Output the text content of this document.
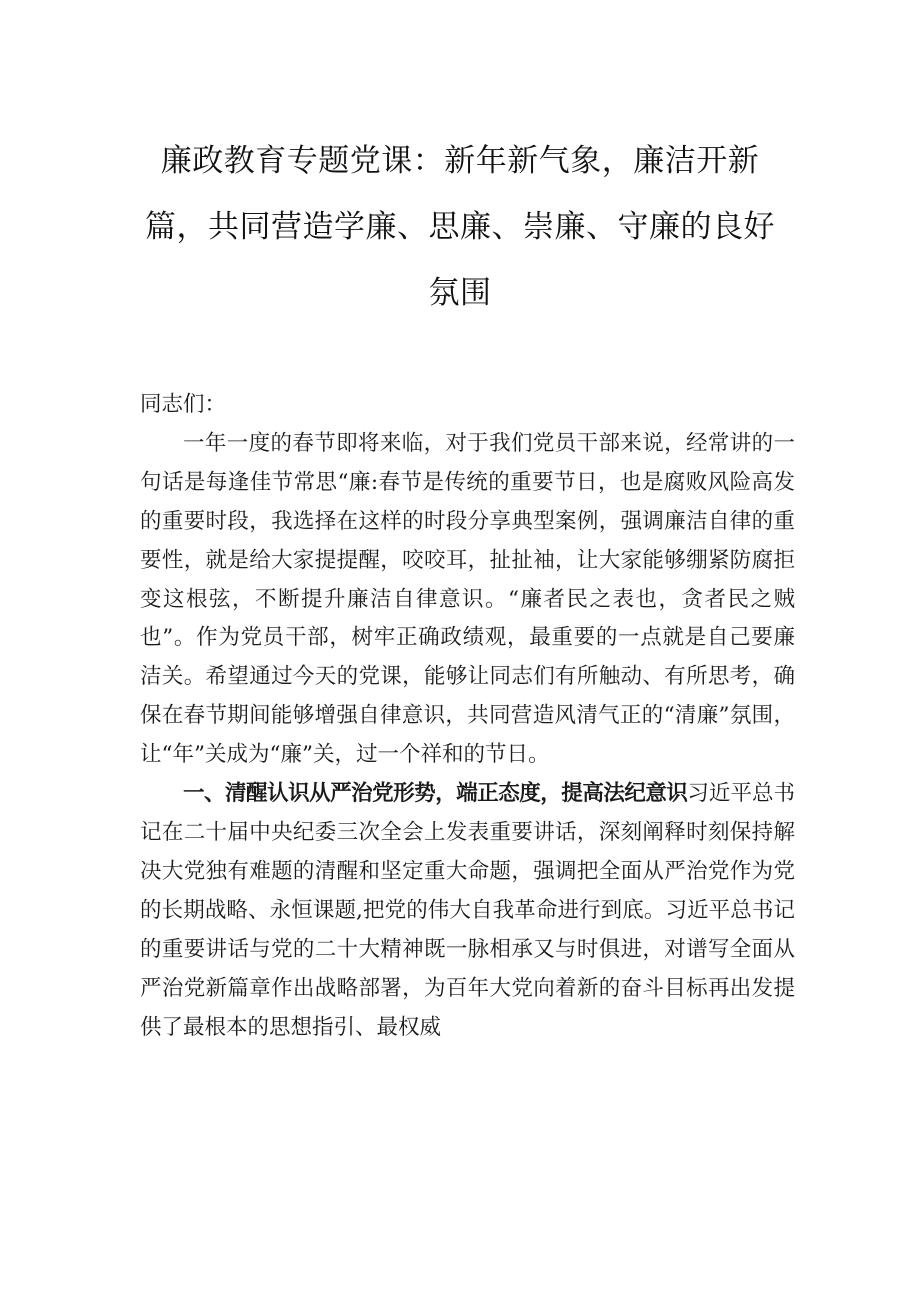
廉政教育专题党课：新年新气象，廉洁开新篇，共同营造学廉、思廉、崇廉、守廉的良好氛围

同志们：

一年一度的春节即将来临，对于我们党员干部来说，经常讲的一句话是每逢佳节常思“廉:春节是传统的重要节日，也是腐败风险高发的重要时段，我选择在这样的时段分享典型案例，强调廉洁自律的重要性，就是给大家提提醒，咬咬耳，扯扯袖，让大家能够绷紧防腐拒变这根弦，不断提升廉洁自律意识。“廉者民之表也，贪者民之贼也”。作为党员干部，树牢正确政绩观，最重要的一点就是自己要廉洁关。希望通过今天的党课，能够让同志们有所触动、有所思考，确保在春节期间能够增强自律意识，共同营造风清气正的“清廉”氛围，让“年”关成为“廉”关，过一个祥和的节日。

一、清醒认识从严治党形势，端正态度，提高法纪意识习近平总书记在二十届中央纪委三次全会上发表重要讲话，深刻阐释时刻保持解决大党独有难题的清醒和坚定重大命题，强调把全面从严治党作为党的长期战略、永恒课题,把党的伟大自我革命进行到底。习近平总书记的重要讲话与党的二十大精神既一脉相承又与时俱进，对谱写全面从严治党新篇章作出战略部署，为百年大党向着新的奋斗目标再出发提供了最根本的思想指引、最权威
